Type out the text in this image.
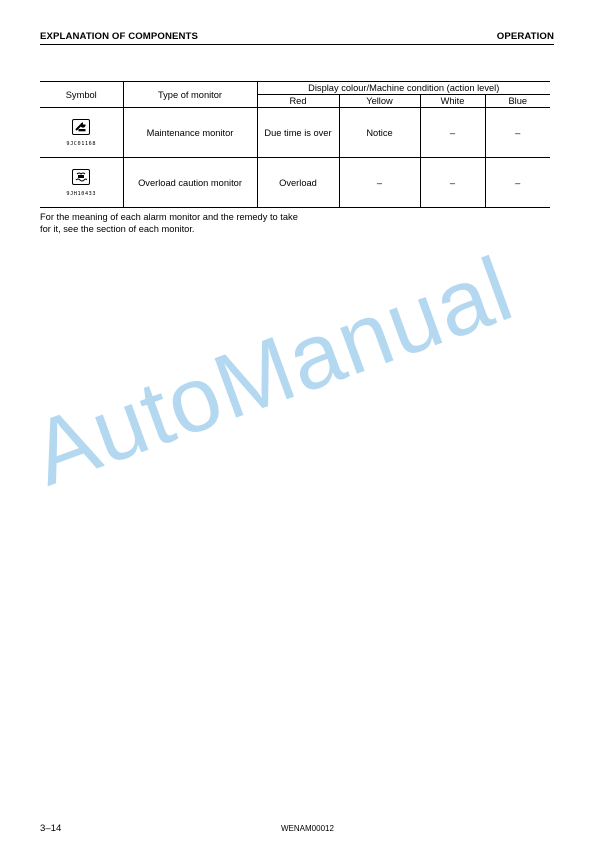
EXPLANATION OF COMPONENTS	OPERATION
Symbol	Type of monitor	Display colour/Machine condition (action level)			
		Red	Yellow	White	Blue

9JC01168	Maintenance monitor	Due time is over	Notice	–	–

9JH10433	Overload caution monitor	Overload	–	–	–
For the meaning of each alarm monitor and the remedy to take
for it, see the section of each monitor.
AutoManual
3–14	WENAM00012
